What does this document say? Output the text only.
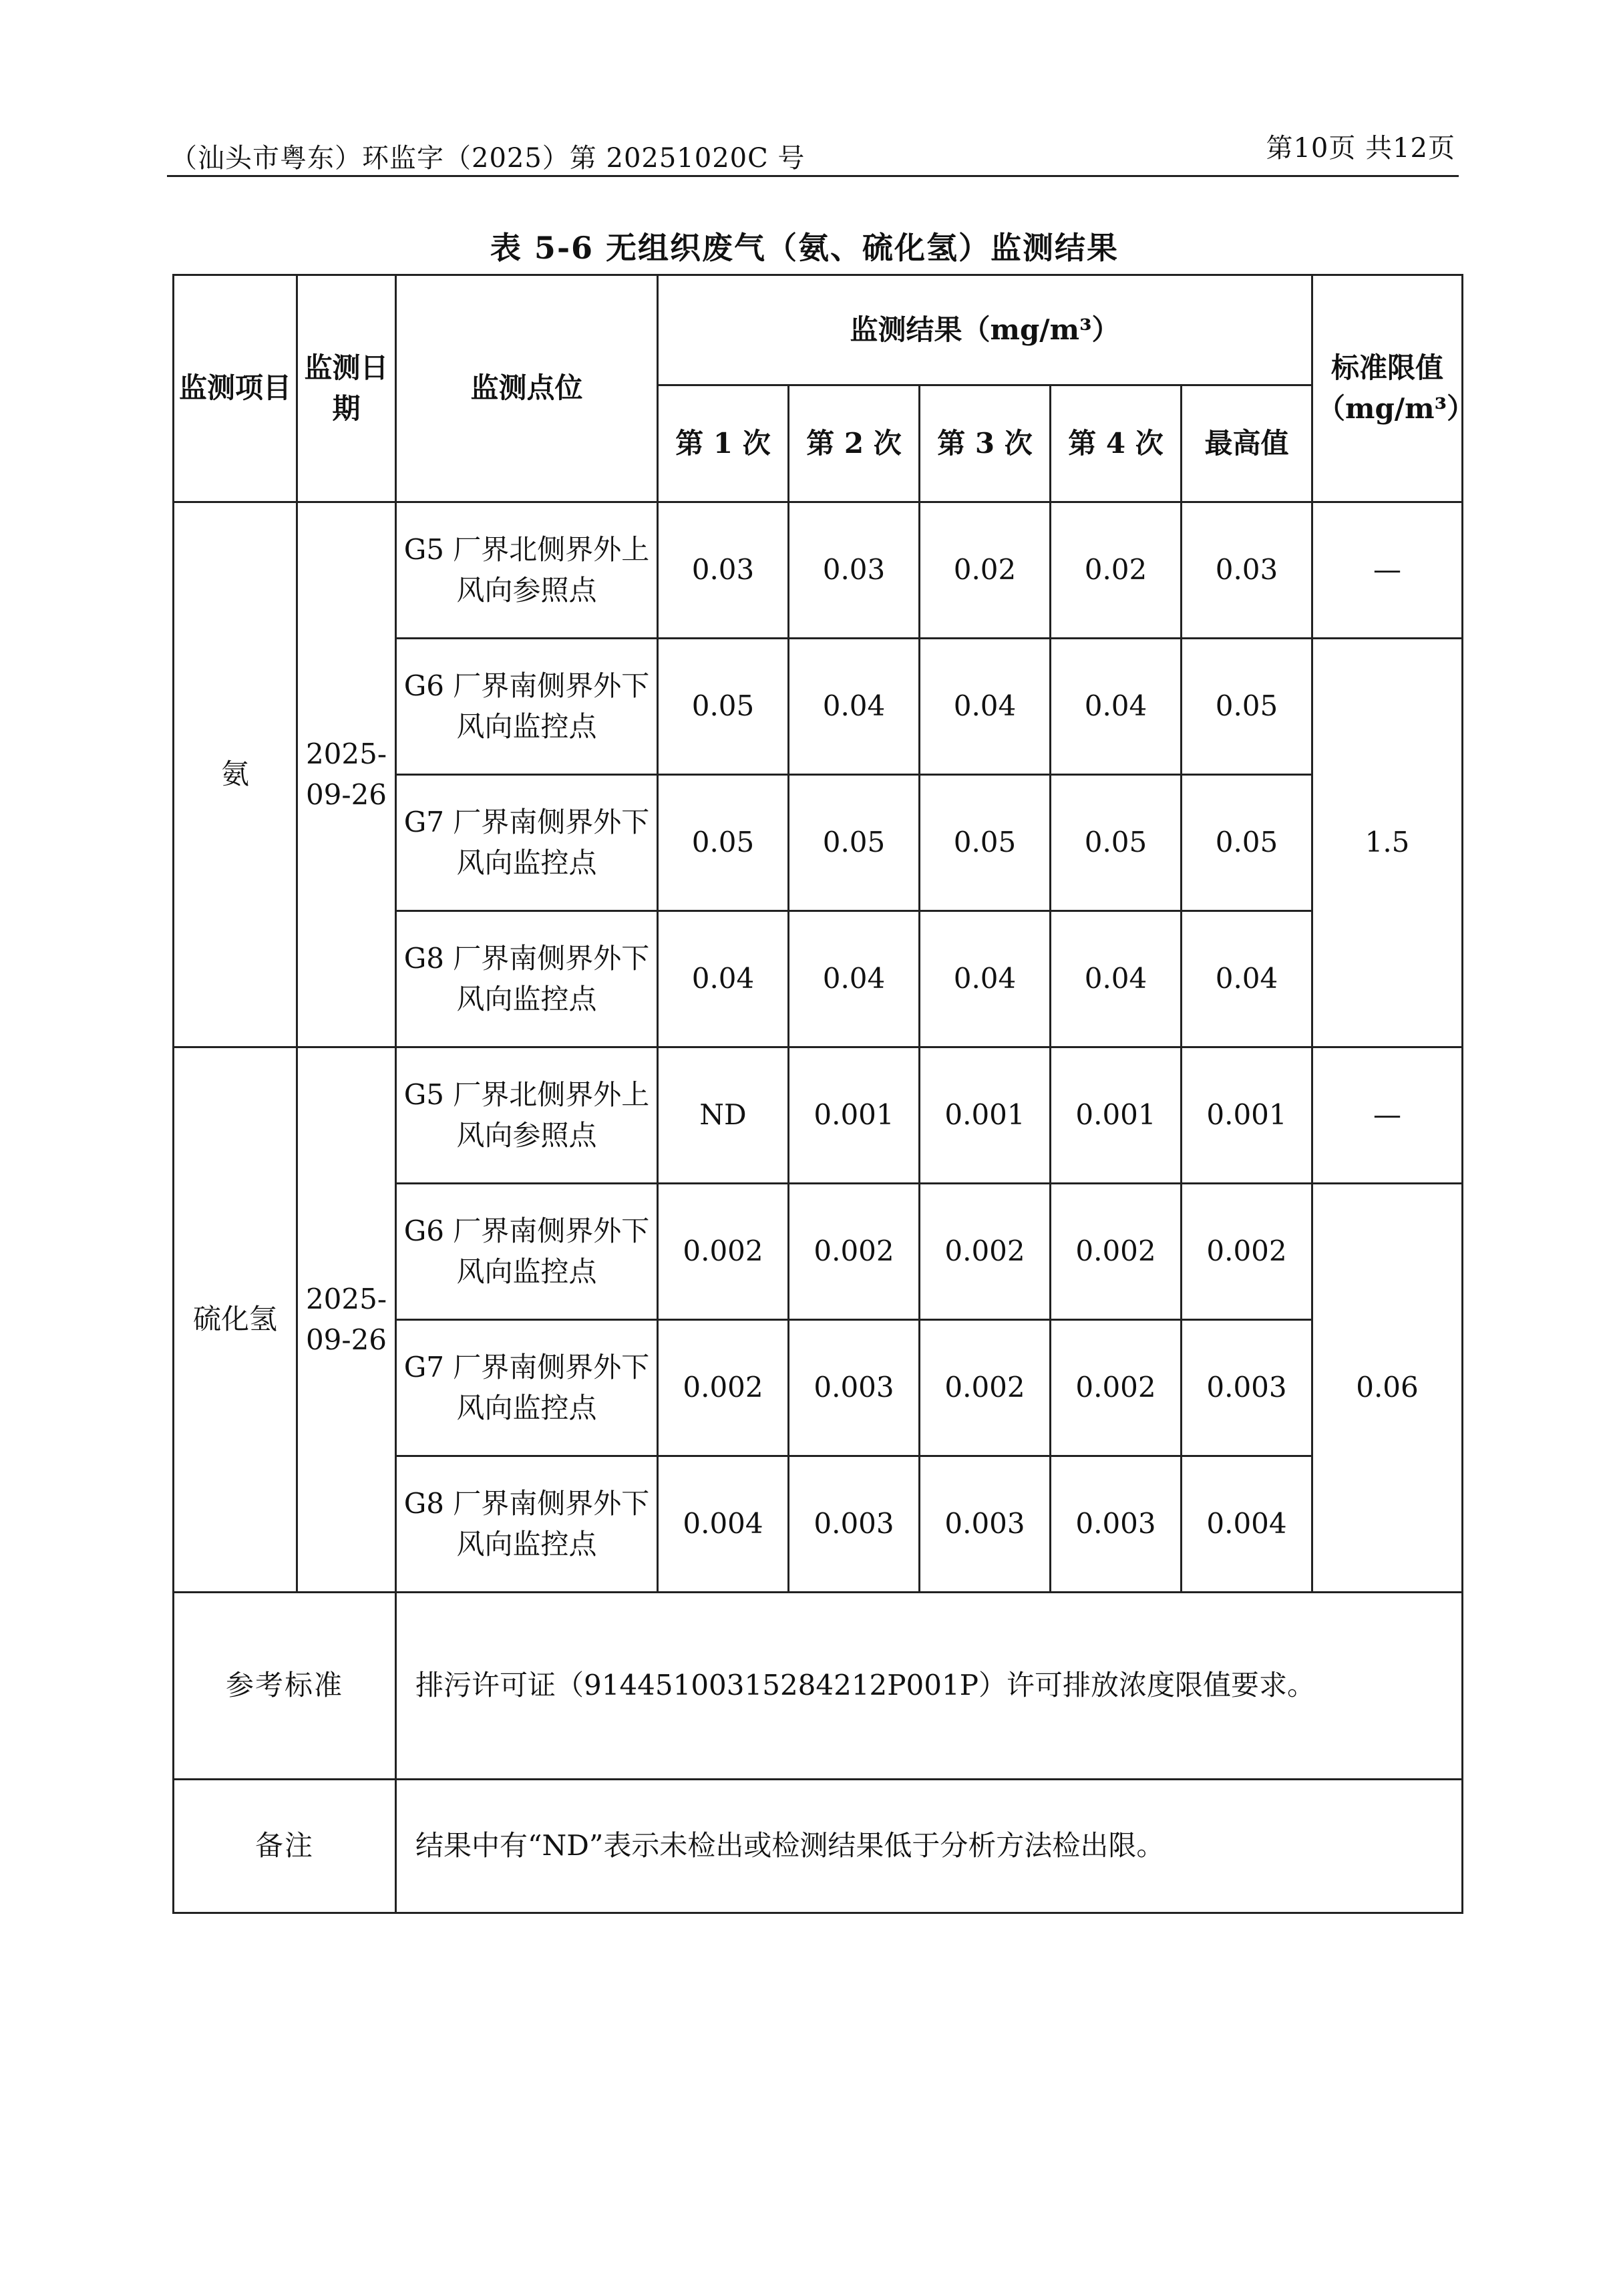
（汕头市粤东）环监字（2025）第 20251020C 号	第10页 共12页
表 5-6 无组织废气（氨、硫化氢）监测结果
监测项目	监测日期	监测点位	监测结果（mg/m³）					标准限值（mg/m³）
			第 1 次	第 2 次	第 3 次	第 4 次	最高值	
氨	2025-09-26	G5 厂界北侧界外上风向参照点	0.03	0.03	0.02	0.02	0.03	—
		G6 厂界南侧界外下风向监控点	0.05	0.04	0.04	0.04	0.05	1.5
		G7 厂界南侧界外下风向监控点	0.05	0.05	0.05	0.05	0.05	
		G8 厂界南侧界外下风向监控点	0.04	0.04	0.04	0.04	0.04	
硫化氢	2025-09-26	G5 厂界北侧界外上风向参照点	ND	0.001	0.001	0.001	0.001	—
		G6 厂界南侧界外下风向监控点	0.002	0.002	0.002	0.002	0.002	0.06
		G7 厂界南侧界外下风向监控点	0.002	0.003	0.002	0.002	0.003	
		G8 厂界南侧界外下风向监控点	0.004	0.003	0.003	0.003	0.004	
参考标准		排污许可证（91445100315284212P001P）许可排放浓度限值要求。						
备注		结果中有“ND”表示未检出或检测结果低于分析方法检出限。						
